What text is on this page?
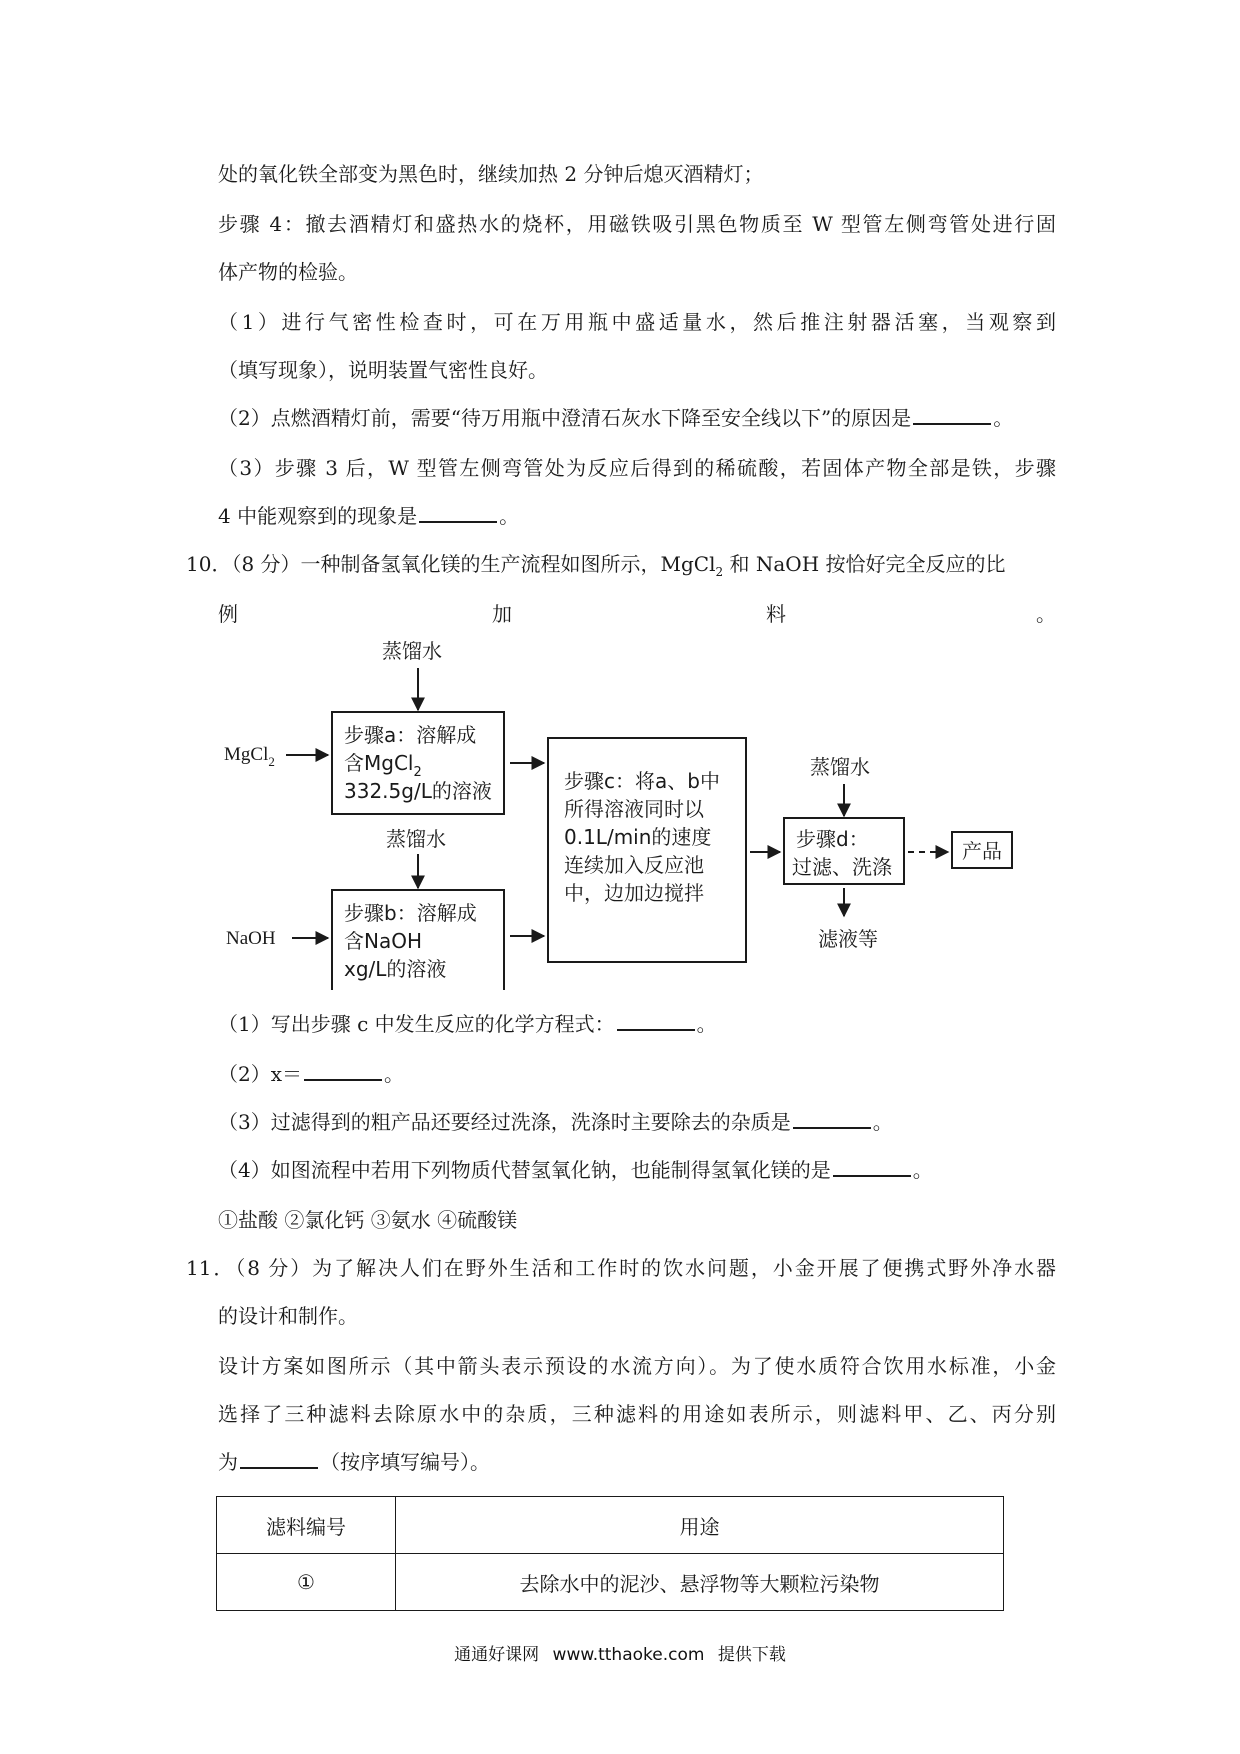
处的氧化铁全部变为黑色时，继续加热 2 分钟后熄灭酒精灯；
步骤 4：撤去酒精灯和盛热水的烧杯，用磁铁吸引黑色物质至 W 型管左侧弯管处进行固
体产物的检验。
（1）进行气密性检查时，可在万用瓶中盛适量水，然后推注射器活塞，当观察到
（填写现象），说明装置气密性良好。
（2）点燃酒精灯前，需要“待万用瓶中澄清石灰水下降至安全线以下”的原因是	。
（3）步骤 3 后，W 型管左侧弯管处为反应后得到的稀硫酸，若固体产物全部是铁，步骤
4 中能观察到的现象是	。
10．（8 分）一种制备氢氧化镁的生产流程如图所示，MgCl$_2$ 和 NaOH 按恰好完全反应的比
例	加	料	。
蒸馏水
步骤a：溶解成
含MgCl$_2$
332.5g/L的溶液
MgCl$_2$
蒸馏水
步骤b：溶解成
含NaOH
xg/L的溶液
NaOH
步骤c：将a、b中
所得溶液同时以
0.1L/min的速度
连续加入反应池
中，边加边搅拌
蒸馏水
步骤d：
过滤、洗涤
产品
滤液等
（1）写出步骤 c 中发生反应的化学方程式：	。
（2）x＝	。
（3）过滤得到的粗产品还要经过洗涤，洗涤时主要除去的杂质是	。
（4）如图流程中若用下列物质代替氢氧化钠，也能制得氢氧化镁的是	。
①盐酸 ②氯化钙 ③氨水 ④硫酸镁
11．（8 分）为了解决人们在野外生活和工作时的饮水问题，小金开展了便携式野外净水器
的设计和制作。
设计方案如图所示（其中箭头表示预设的水流方向）。为了使水质符合饮用水标准，小金
选择了三种滤料去除原水中的杂质，三种滤料的用途如表所示，则滤料甲、乙、丙分别
为	（按序填写编号）。
滤料编号	用途
①	去除水中的泥沙、悬浮物等大颗粒污染物
通通好课网 www.tthaoke.com 提供下载
